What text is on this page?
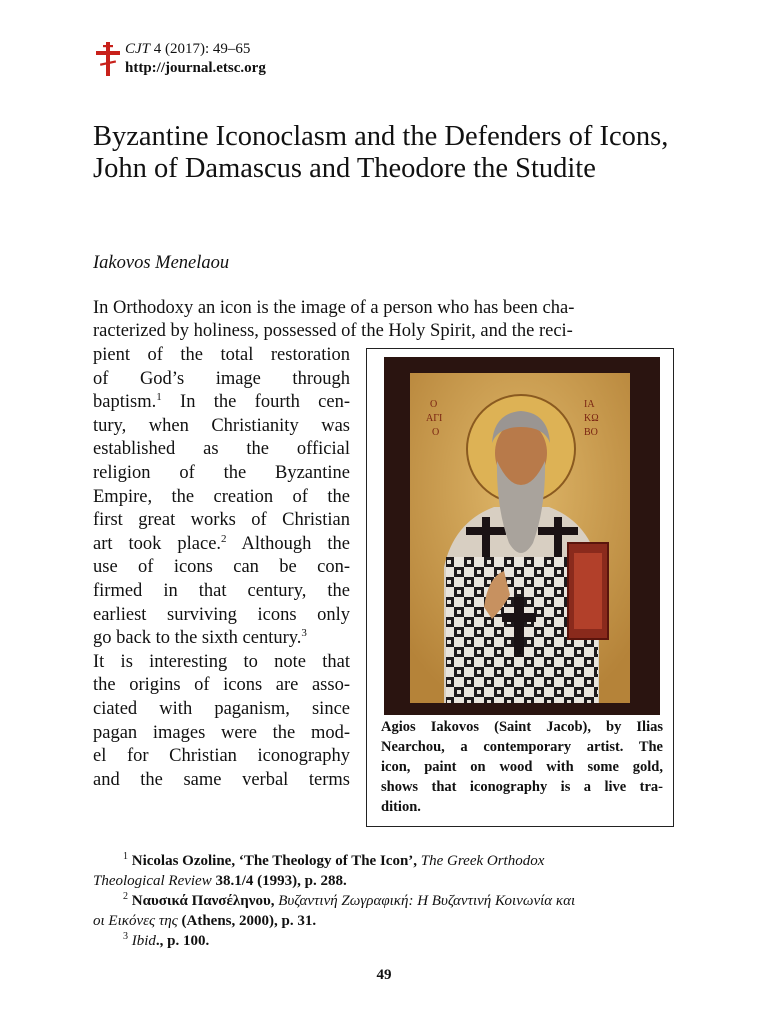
CJT 4 (2017): 49–65
http://journal.etsc.org
Byzantine Iconoclasm and the Defenders of Icons, John of Damascus and Theodore the Studite
Iakovos Menelaou
In Orthodoxy an icon is the image of a person who has been cha-
racterized by holiness, possessed of the Holy Spirit, and the reci-
pient of the total restoration
of God’s image through
baptism.$^1$ In the fourth cen-
tury, when Christianity was
established as the official
religion of the Byzantine
Empire, the creation of the
first great works of Christian
art took place.$^2$ Although the
use of icons can be con-
firmed in that century, the
earliest surviving icons only
go back to the sixth century.$^3$
It is interesting to note that
the origins of icons are asso-
ciated with paganism, since
pagan images were the mod-
el for Christian iconography
and the same verbal terms
Ο ΑΓΙ Ο
ΙΑ ΚΩ ΒΟ
Agios Iakovos (Saint Jacob), by Ilias
Nearchou, a contemporary artist. The
icon, paint on wood with some gold,
shows that iconography is a live tra-
dition.
$^1$ Nicolas Ozoline, ‘The Theology of The Icon’, The Greek Orthodox
Theological Review 38.1/4 (1993), p. 288.
$^2$ Ναυσικά Πανσέληνου, Βυζαντινή Ζωγραφική: Η Βυζαντινή Κοινωνία και
οι Εικόνες της (Athens, 2000), p. 31.
$^3$ Ibid., p. 100.
49
